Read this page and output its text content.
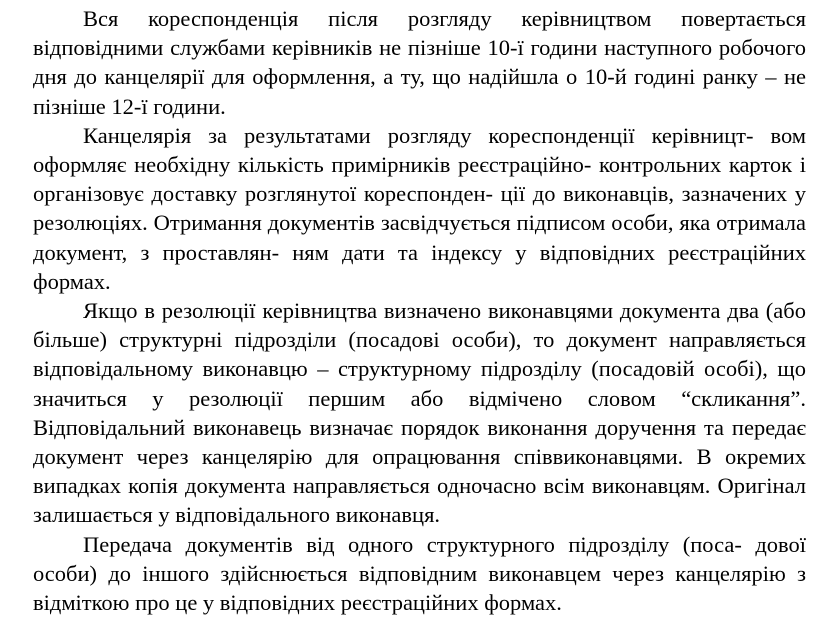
Вся кореспонденція після розгляду керівництвом повертається відповідними службами керівників не пізніше 10-ї години наступного робочого дня до канцелярії для оформлення, а ту, що надійшла о 10-й годині ранку – не пізніше 12-ї години.

Канцелярія за результатами розгляду кореспонденції керівницт- вом оформляє необхідну кількість примірників реєстраційно- контрольних карток і організовує доставку розглянутої кореспонден- ції до виконавців, зазначених у резолюціях. Отримання документів засвідчується підписом особи, яка отримала документ, з проставлян- ням дати та індексу у відповідних реєстраційних формах.

Якщо в резолюції керівництва визначено виконавцями документа два (або більше) структурні підрозділи (посадові особи), то документ направляється відповідальному виконавцю – структурному підрозділу (посадовій особі), що значиться у резолюції першим або відмічено словом “скликання”. Відповідальний виконавець визначає порядок виконання доручення та передає документ через канцелярію для опрацювання співвиконавцями. В окремих випадках копія документа направляється одночасно всім виконавцям. Оригінал залишається у відповідального виконавця.

Передача документів від одного структурного підрозділу (поса- дової особи) до іншого здійснюється відповідним виконавцем через канцелярію з відміткою про це у відповідних реєстраційних формах.
